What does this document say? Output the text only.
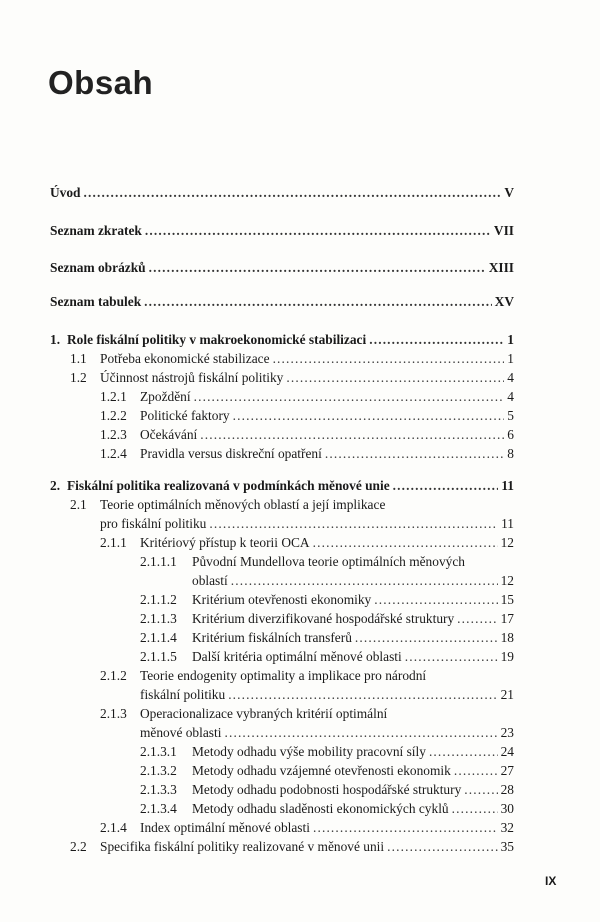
Obsah
Úvod . . .	V
Seznam zkratek . . .	VII
Seznam obrázků . . .	XIII
Seznam tabulek . . .	XV
1. Role fiskální politiky v makroekonomické stabilizaci . . .	1
1.1 Potřeba ekonomické stabilizace . . .	1
1.2 Účinnost nástrojů fiskální politiky . . .	4
1.2.1 Zpoždění . . .	4
1.2.2 Politické faktory . . .	5
1.2.3 Očekávání . . .	6
1.2.4 Pravidla versus diskreční opatření . . .	8
2. Fiskální politika realizovaná v podmínkách měnové unie . . .	11
2.1 Teorie optimálních měnových oblastí a její implikace
pro fiskální politiku . . .	11
2.1.1 Kritériový přístup k teorii OCA . . .	12
2.1.1.1	Původní Mundellova teorie optimálních měnových
oblastí . . .	12
2.1.1.2	Kritérium otevřenosti ekonomiky . . .	15
2.1.1.3	Kritérium diverzifikované hospodářské struktury . . .	17
2.1.1.4	Kritérium fiskálních transferů . . .	18
2.1.1.5	Další kritéria optimální měnové oblasti . . .	19
2.1.2 Teorie endogenity optimality a implikace pro národní
fiskální politiku . . .	21
2.1.3 Operacionalizace vybraných kritérií optimální
měnové oblasti . . .	23
2.1.3.1	Metody odhadu výše mobility pracovní síly . . .	24
2.1.3.2	Metody odhadu vzájemné otevřenosti ekonomik . . .	27
2.1.3.3	Metody odhadu podobnosti hospodářské struktury . . .	28
2.1.3.4	Metody odhadu sladěnosti ekonomických cyklů . . .	30
2.1.4 Index optimální měnové oblasti . . .	32
2.2 Specifika fiskální politiky realizované v měnové unii . . .	35
IX
